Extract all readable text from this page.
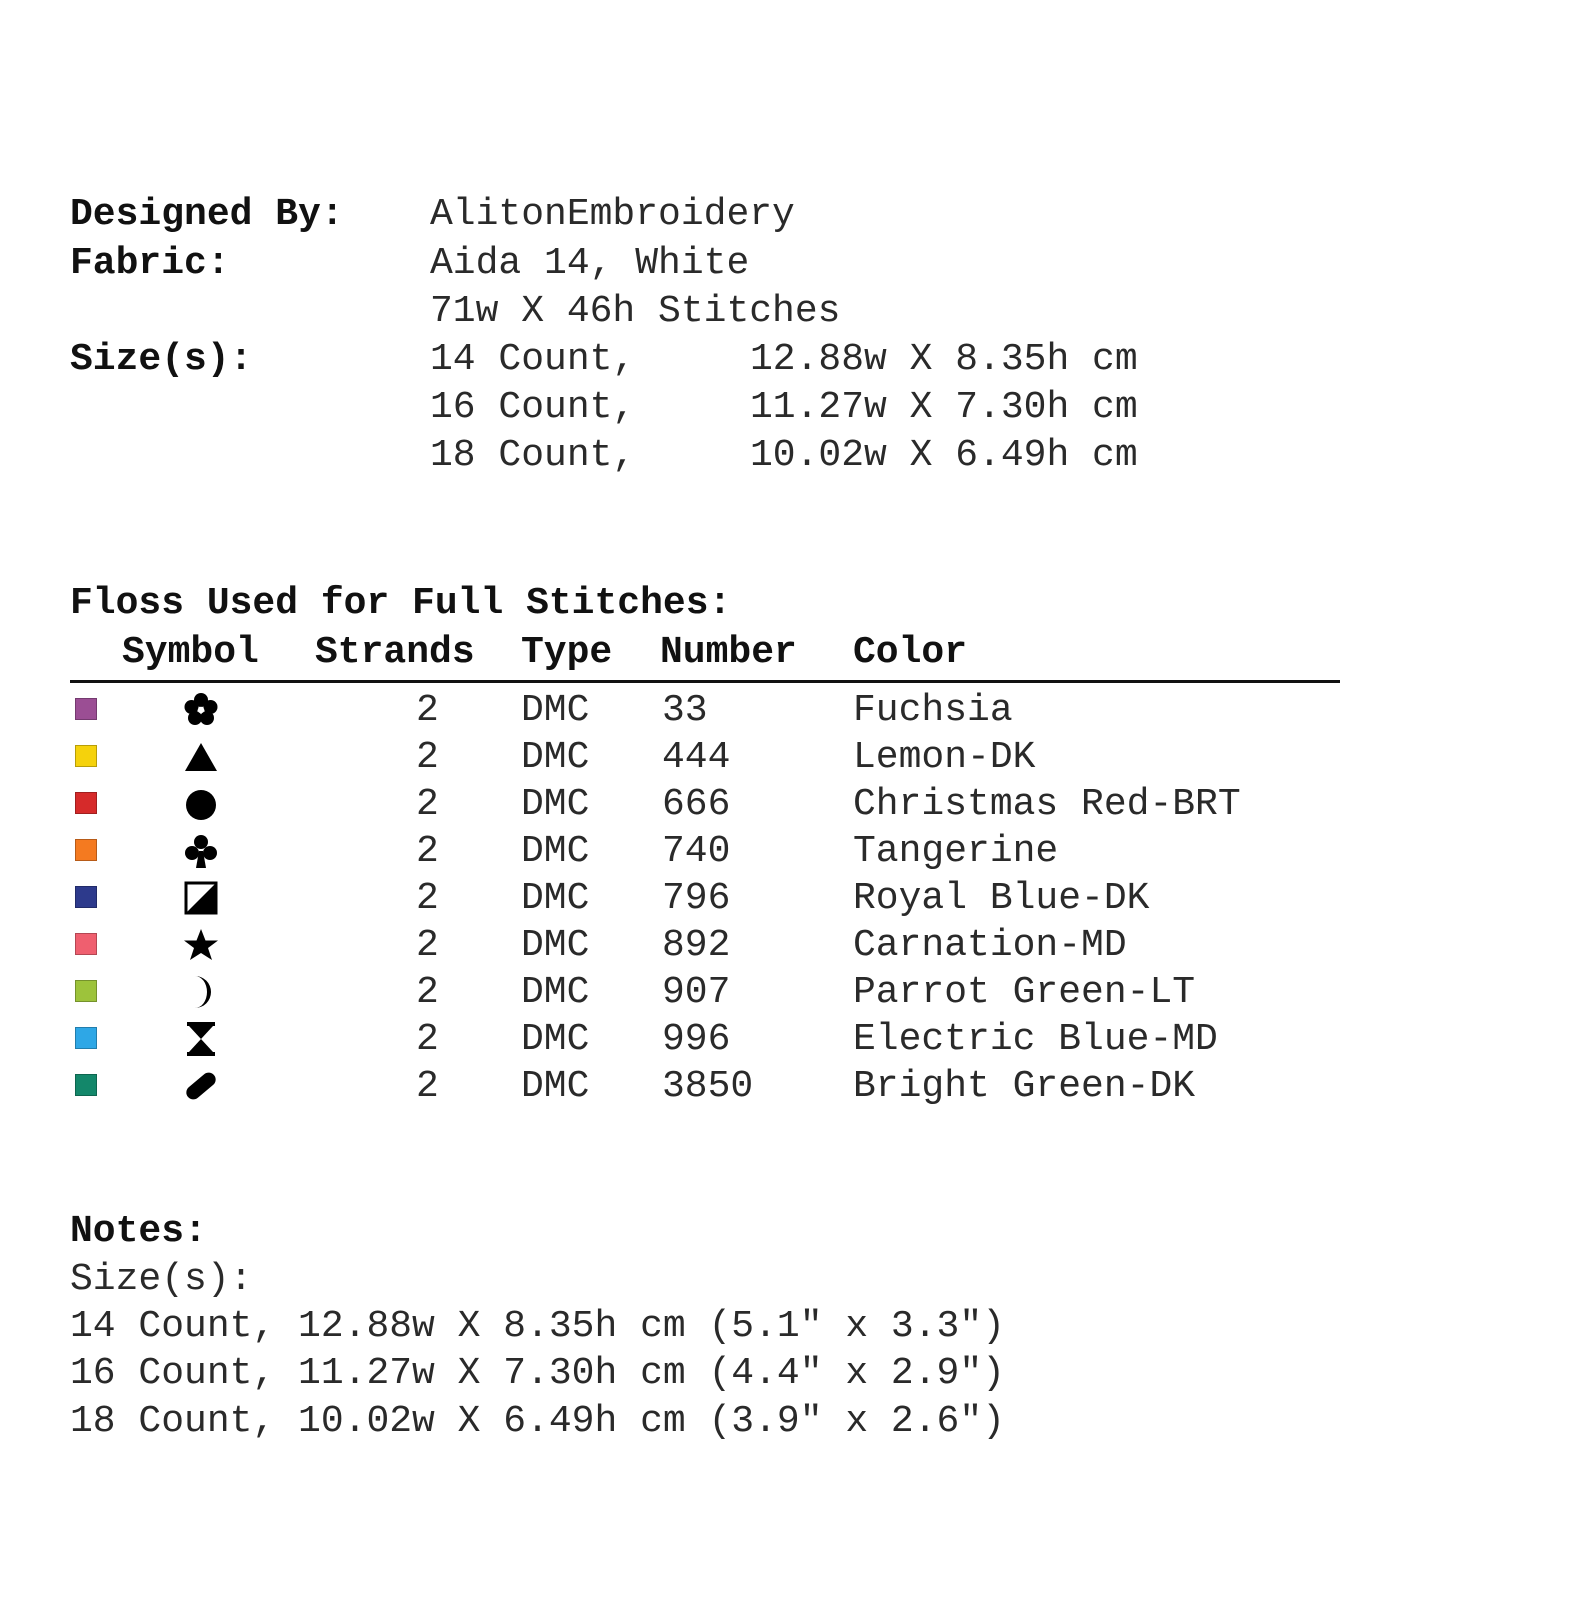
Designed By: AlitonEmbroidery
Fabric:	Aida 14, White
71w X 46h Stitches
Size(s):	14 Count,	12.88w X 8.35h cm
16 Count,	11.27w X 7.30h cm
18 Count,	10.02w X 6.49h cm
Floss Used for Full Stitches:
Symbol Strands Type Number Color
2 DMC 33	Fuchsia
2 DMC 444	Lemon-DK
2 DMC 666	Christmas Red-BRT
2 DMC 740	Tangerine
2 DMC 796	Royal Blue-DK
2 DMC 892	Carnation-MD
2 DMC 907	Parrot Green-LT
2 DMC 996	Electric Blue-MD
2 DMC 3850	Bright Green-DK
Notes:
Size(s):
14 Count, 12.88w X 8.35h cm (5.1" x 3.3")
16 Count, 11.27w X 7.30h cm (4.4" x 2.9")
18 Count, 10.02w X 6.49h cm (3.9" x 2.6")
